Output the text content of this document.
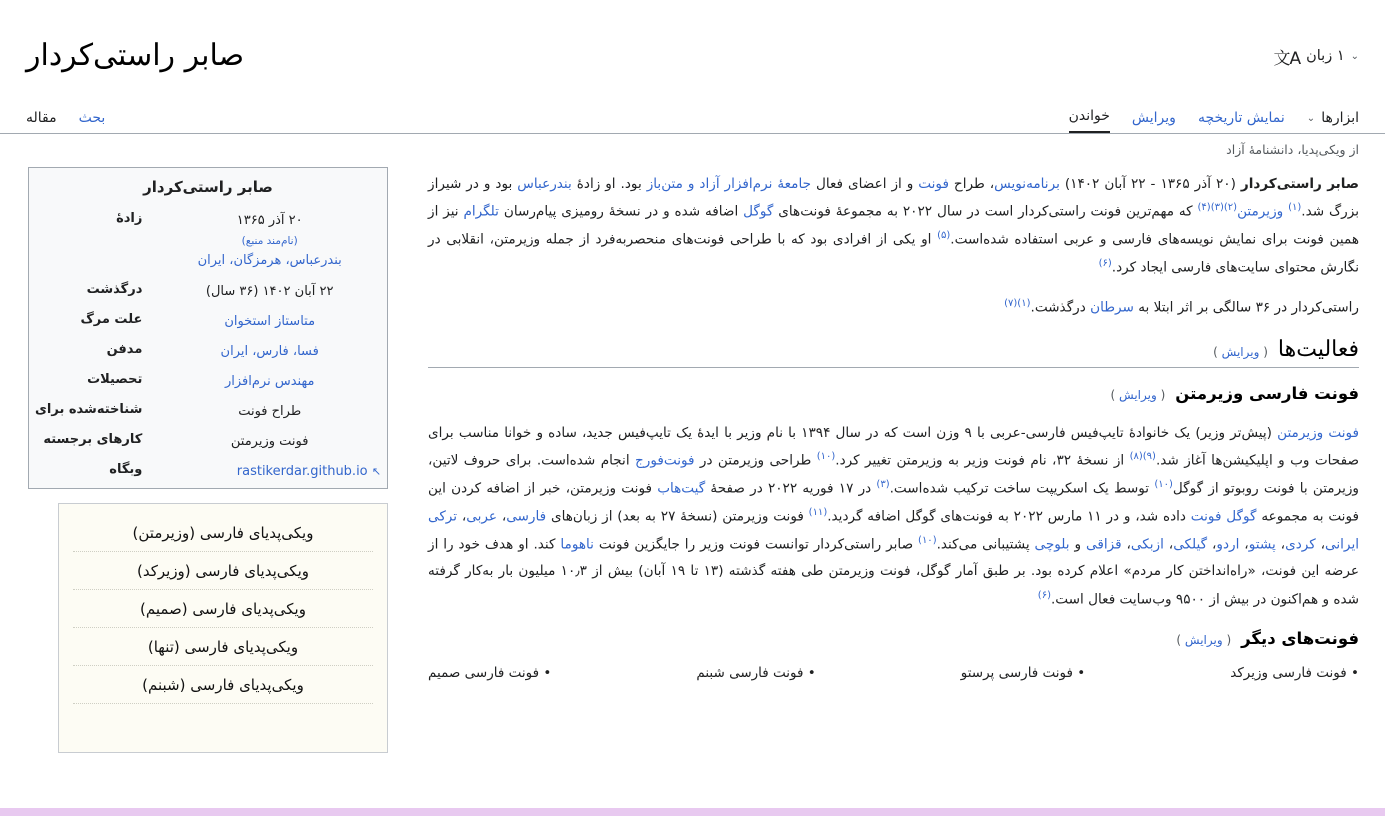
⌄
۱ زبان
文A
صابر راستی‌کردار
ابزارها
⌄
نمایش تاریخچه
ویرایش
خواندن
بحث
مقاله
از ویکی‌پدیا، دانشنامهٔ آزاد

صابر راستی‌کردار (۲۰ آذر ۱۳۶۵ - ۲۲ آبان ۱۴۰۲) برنامه‌نویس، طراح فونت و از اعضای فعال جامعهٔ نرم‌افزار آزاد و متن‌باز بود. او زادهٔ بندرعباس بود و در شیراز بزرگ شد.$^{(۱)}$ وزیرمتن$^{(۲)(۳)(۴)}$ که مهم‌ترین فونت راستی‌کردار است در سال ۲۰۲۲ به مجموعهٔ فونت‌های گوگل اضافه شده و در نسخهٔ رومیزی پیام‌رسان تلگرام نیز از همین فونت برای نمایش نویسه‌های فارسی و عربی استفاده شده‌است.$^{(۵)}$ او یکی از افرادی بود که با طراحی فونت‌های منحصربه‌فرد از جمله وزیرمتن، انقلابی در نگارش محتوای سایت‌های فارسی ایجاد کرد.$^{(۶)}$

راستی‌کردار در ۳۶ سالگی بر اثر ابتلا به سرطان درگذشت.$^{(۱)(۷)}$

فعالیت‌ها
( ویرایش )
فونت فارسی وزیرمتن
( ویرایش )

فونت وزیرمتن (پیش‌تر وزیر) یک خانوادهٔ تایپ‌فیس فارسی-عربی با ۹ وزن است که در سال ۱۳۹۴ با نام وزیر با ایدهٔ یک تایپ‌فیس جدید، ساده و خوانا مناسب برای صفحات وب و اپلیکیشن‌ها آغاز شد.$^{(۹)(۸)}$ از نسخهٔ ۳۲، نام فونت وزیر به وزیرمتن تغییر کرد.$^{(۱۰)}$ طراحی وزیرمتن در فونت‌فورج انجام شده‌است. برای حروف لاتین، وزیرمتن با فونت روبوتو از گوگل$^{(۱۰)}$ توسط یک اسکریپت ساخت ترکیب شده‌است.$^{(۳)}$ در ۱۷ فوریه ۲۰۲۲ در صفحهٔ گیت‌هاب فونت وزیرمتن، خبر از اضافه کردن این فونت به مجموعه گوگل فونت داده شد، و در ۱۱ مارس ۲۰۲۲ به فونت‌های گوگل اضافه گردید.$^{(۱۱)}$ فونت وزیرمتن (نسخهٔ ۲۷ به بعد) از زبان‌های فارسی، عربی، ترکی ایرانی، کردی، پشتو، اردو، گیلکی، ازبکی، قزاقی و بلوچی پشتیبانی می‌کند.$^{(۱۰)}$ صابر راستی‌کردار توانست فونت وزیر را جایگزین فونت ناهوما کند. او هدف خود را از عرضه این فونت، «راه‌انداختن کار مردم» اعلام کرده بود. بر طبق آمار گوگل، فونت وزیرمتن طی هفته گذشته (۱۳ تا ۱۹ آبان) بیش از ۱۰٫۳ میلیون بار به‌کار گرفته شده و هم‌اکنون در بیش از ۹۵۰۰ وب‌سایت فعال است.$^{(۶)}$

فونت‌های دیگر
( ویرایش )
• فونت فارسی وزیرکد
• فونت فارسی پرستو
• فونت فارسی شبنم
• فونت فارسی صمیم
صابر راستی‌کردار
۲۰ آذر ۱۳۶۵
(نام‌مند منبع)
بندرعباس، هرمزگان، ایران	زادهٔ
۲۲ آبان ۱۴۰۲ (۳۶ سال)	درگذشت
متاستاز استخوان	علت مرگ
فسا، فارس، ایران	مدفن
مهندس نرم‌افزار	تحصیلات
طراح فونت	شناخته‌شده برای
فونت وزیرمتن	کارهای برجسته
↗ rastikerdar.github.io	وبگاه
ویکی‌پدیای فارسی (وزیرمتن)
ویکی‌پدیای فارسی (وزیرکد)
ویکی‌پدیای فارسی (صمیم)
ویکی‌پدیای فارسی (تنها)
ویکی‌پدیای فارسی (شبنم)
